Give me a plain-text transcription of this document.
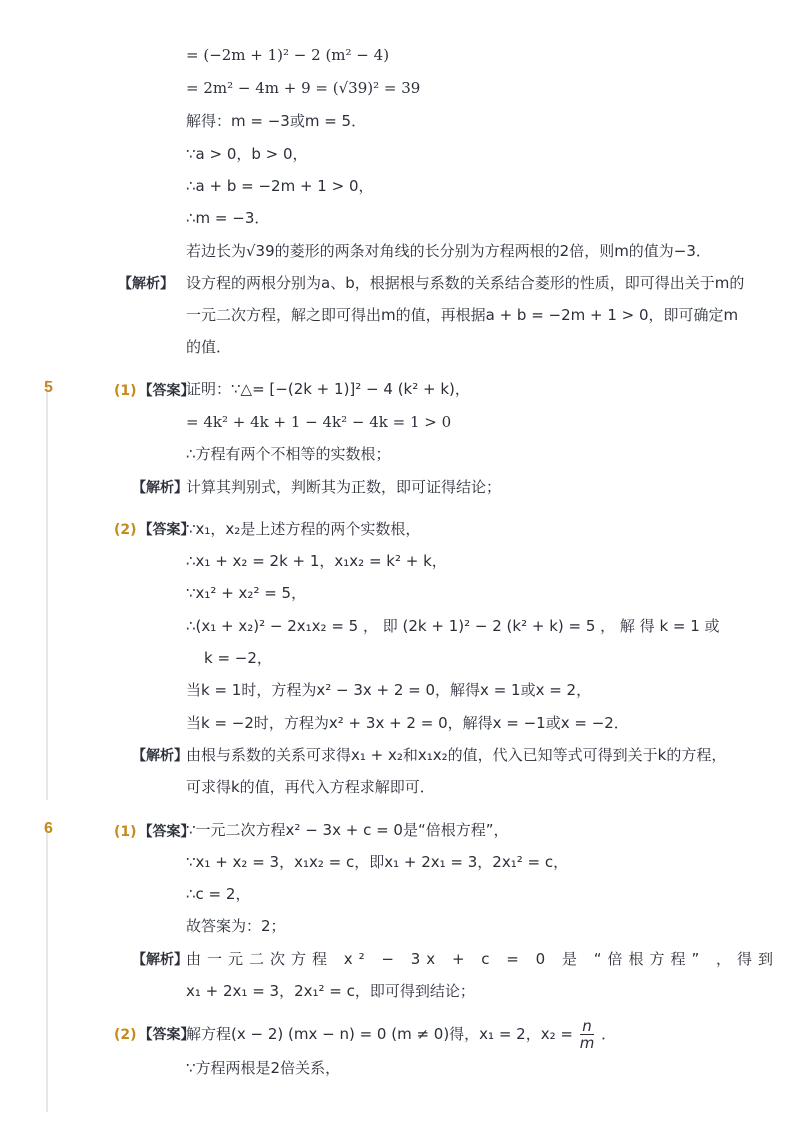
= (−2m + 1)² − 2 (m² − 4)
= 2m² − 4m + 9 = (√39)² = 39
解得：m = −3或m = 5．
∵a > 0，b > 0，
∴a + b = −2m + 1 > 0，
∴m = −3．
若边长为√39的菱形的两条对角线的长分别为方程两根的2倍，则m的值为−3．
【解析】 设方程的两根分别为a、b，根据根与系数的关系结合菱形的性质，即可得出关于m的
一元二次方程，解之即可得出m的值，再根据a + b = −2m + 1 > 0，即可确定m
的值．
5	(1) 【答案】
证明：∵△= [−(2k + 1)]² − 4 (k² + k)，
= 4k² + 4k + 1 − 4k² − 4k = 1 > 0
∴方程有两个不相等的实数根；
【解析】
计算其判别式，判断其为正数，即可证得结论；
(2) 【答案】
∵x₁，x₂是上述方程的两个实数根，
∴x₁ + x₂ = 2k + 1，x₁x₂ = k² + k，
∵x₁² + x₂² = 5，
∴(x₁ + x₂)² − 2x₁x₂ = 5 ， 即 (2k + 1)² − 2 (k² + k) = 5 ， 解 得 k = 1 或
k = −2，
当k = 1时，方程为x² − 3x + 2 = 0，解得x = 1或x = 2，
当k = −2时，方程为x² + 3x + 2 = 0，解得x = −1或x = −2．
【解析】
由根与系数的关系可求得x₁ + x₂和x₁x₂的值，代入已知等式可得到关于k的方程，
可求得k的值，再代入方程求解即可．
6	(1) 【答案】
∵一元二次方程x² − 3x + c = 0是“倍根方程”，
∵x₁ + x₂ = 3，x₁x₂ = c，即x₁ + 2x₁ = 3，2x₁² = c，
∴c = 2，
故答案为：2；
【解析】
由一元二次方程 x² − 3x + c = 0 是 “倍根方程” ，得到
x₁ + 2x₁ = 3，2x₁² = c，即可得到结论；
(2) 【答案】
解方程(x − 2) (mx − n) = 0 (m ≠ 0)得，x₁ = 2，$x_2 = \frac{n}{m}$ ．
∵方程两根是2倍关系，
